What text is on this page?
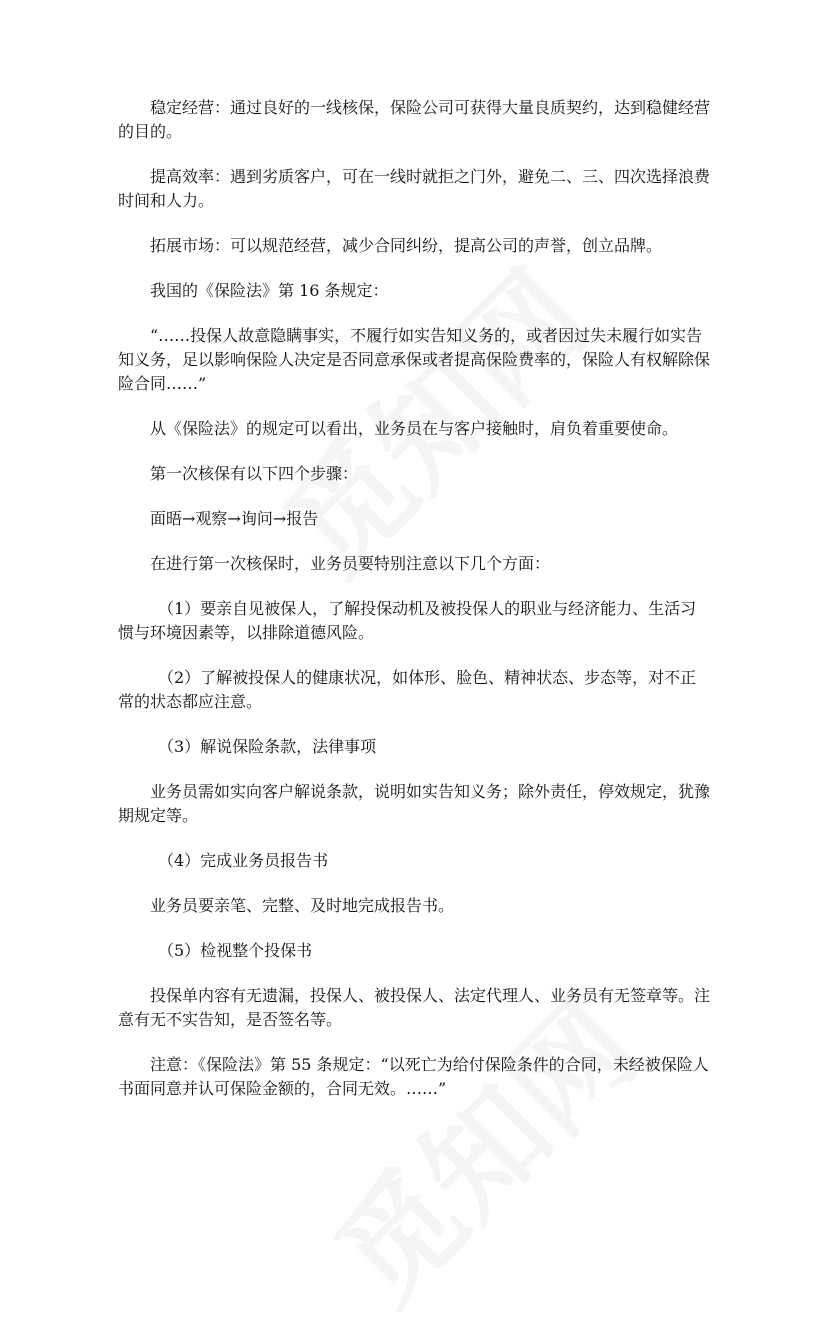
稳定经营：通过良好的一线核保，保险公司可获得大量良质契约，达到稳健经营的目的。

提高效率：遇到劣质客户，可在一线时就拒之门外，避免二、三、四次选择浪费时间和人力。

拓展市场：可以规范经营，减少合同纠纷，提高公司的声誉，创立品牌。

我国的《保险法》第 16 条规定：

“……投保人故意隐瞒事实，不履行如实告知义务的，或者因过失未履行如实告知义务，足以影响保险人决定是否同意承保或者提高保险费率的，保险人有权解除保险合同……”

从《保险法》的规定可以看出，业务员在与客户接触时，肩负着重要使命。

第一次核保有以下四个步骤：

面晤→观察→询问→报告

在进行第一次核保时，业务员要特别注意以下几个方面：

（1）要亲自见被保人，了解投保动机及被投保人的职业与经济能力、生活习惯与环境因素等，以排除道德风险。

（2）了解被投保人的健康状况，如体形、脸色、精神状态、步态等，对不正常的状态都应注意。

（3）解说保险条款，法律事项

业务员需如实向客户解说条款，说明如实告知义务；除外责任，停效规定，犹豫期规定等。

（4）完成业务员报告书

业务员要亲笔、完整、及时地完成报告书。

（5）检视整个投保书

投保单内容有无遗漏，投保人、被投保人、法定代理人、业务员有无签章等。注意有无不实告知，是否签名等。

注意：《保险法》第 55 条规定：“以死亡为给付保险条件的合同，未经被保险人书面同意并认可保险金额的，合同无效。……”
